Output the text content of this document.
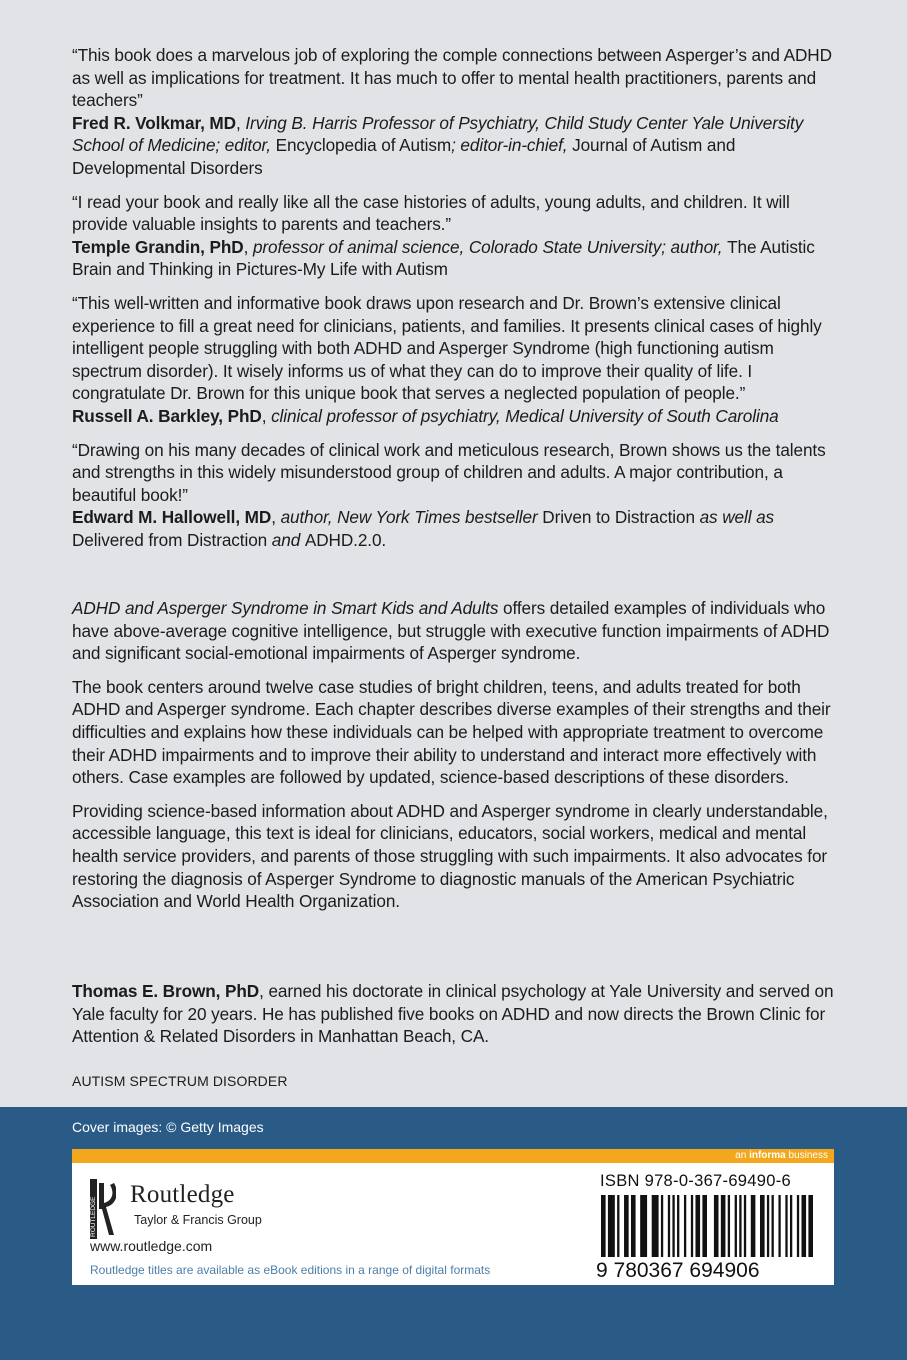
“This book does a marvelous job of exploring the comple connections between Asperger’s and ADHD as well as implications for treatment. It has much to offer to mental health practitioners, parents and teachers”
Fred R. Volkmar, MD, Irving B. Harris Professor of Psychiatry, Child Study Center Yale University School of Medicine; editor, Encyclopedia of Autism; editor-in-chief, Journal of Autism and Developmental Disorders

“I read your book and really like all the case histories of adults, young adults, and children. It will provide valuable insights to parents and teachers.”
Temple Grandin, PhD, professor of animal science, Colorado State University; author, The Autistic Brain and Thinking in Pictures-My Life with Autism

“This well-written and informative book draws upon research and Dr. Brown’s extensive clinical experience to fill a great need for clinicians, patients, and families. It presents clinical cases of highly intelligent people struggling with both ADHD and Asperger Syndrome (high functioning autism spectrum disorder). It wisely informs us of what they can do to improve their quality of life. I congratulate Dr. Brown for this unique book that serves a neglected population of people.”
Russell A. Barkley, PhD, clinical professor of psychiatry, Medical University of South Carolina

“Drawing on his many decades of clinical work and meticulous research, Brown shows us the talents and strengths in this widely misunderstood group of children and adults. A major contribution, a beautiful book!”
Edward M. Hallowell, MD, author, New York Times bestseller Driven to Distraction as well as Delivered from Distraction and ADHD.2.0.

ADHD and Asperger Syndrome in Smart Kids and Adults offers detailed examples of individuals who have above-average cognitive intelligence, but struggle with executive function impairments of ADHD and significant social-emotional impairments of Asperger syndrome.

The book centers around twelve case studies of bright children, teens, and adults treated for both ADHD and Asperger syndrome. Each chapter describes diverse examples of their strengths and their difficulties and explains how these individuals can be helped with appropriate treatment to overcome their ADHD impairments and to improve their ability to understand and interact more effectively with others. Case examples are followed by updated, science-based descriptions of these disorders.

Providing science-based information about ADHD and Asperger syndrome in clearly understandable, accessible language, this text is ideal for clinicians, educators, social workers, medical and mental health service providers, and parents of those struggling with such impairments. It also advocates for restoring the diagnosis of Asperger Syndrome to diagnostic manuals of the American Psychiatric Association and World Health Organization.

Thomas E. Brown, PhD, earned his doctorate in clinical psychology at Yale University and served on Yale faculty for 20 years. He has published five books on ADHD and now directs the Brown Clinic for Attention & Related Disorders in Manhattan Beach, CA.

AUTISM SPECTRUM DISORDER
Cover images: © Getty Images
an informa business
ROUTLEDGE
Routledge
Taylor & Francis Group
www.routledge.com
Routledge titles are available as eBook editions in a range of digital formats
ISBN 978-0-367-69490-6
9 780367 694906
